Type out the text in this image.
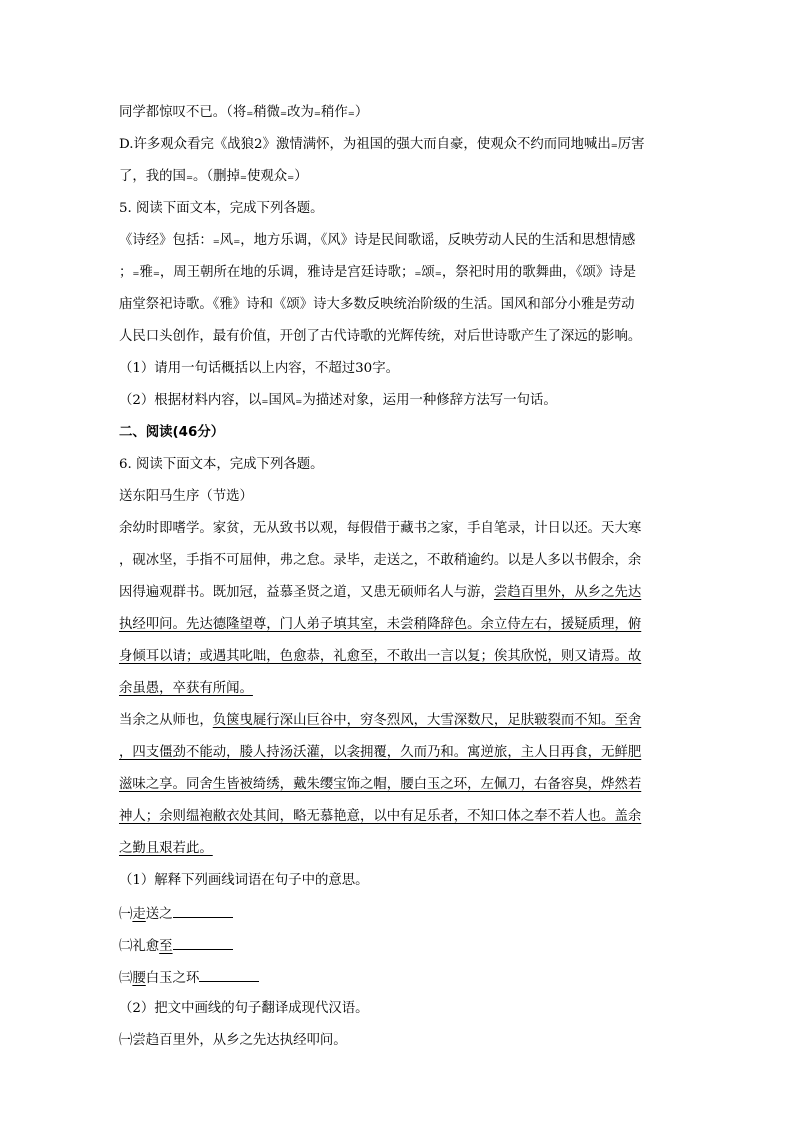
同学都惊叹不已。（将₌稍微₌改为₌稍作₌）
D.许多观众看完《战狼2》激情满怀，为祖国的强大而自豪，使观众不约而同地喊出₌厉害
了，我的国₌。（删掉₌使观众₌）
5. 阅读下面文本，完成下列各题。
《诗经》包括：₌风₌，地方乐调，《风》诗是民间歌谣，反映劳动人民的生活和思想情感
；₌雅₌，周王朝所在地的乐调，雅诗是宫廷诗歌；₌颂₌，祭祀时用的歌舞曲，《颂》诗是
庙堂祭祀诗歌。《雅》诗和《颂》诗大多数反映统治阶级的生活。国风和部分小雅是劳动
人民口头创作，最有价值，开创了古代诗歌的光辉传统，对后世诗歌产生了深远的影响。
（1）请用一句话概括以上内容，不超过30字。
（2）根据材料内容，以₌国风₌为描述对象，运用一种修辞方法写一句话。
二、阅读(46分）
6. 阅读下面文本，完成下列各题。
送东阳马生序（节选）
余幼时即嗜学。家贫，无从致书以观，每假借于藏书之家，手自笔录，计日以还。天大寒
，砚冰坚，手指不可屈伸，弗之怠。录毕，走送之，不敢稍逾约。以是人多以书假余，余
因得遍观群书。既加冠，益慕圣贤之道，又患无硕师名人与游，尝趋百里外，从乡之先达
执经叩问。先达德隆望尊，门人弟子填其室，未尝稍降辞色。余立侍左右，援疑质理，俯
身倾耳以请；或遇其叱咄，色愈恭，礼愈至，不敢出一言以复；俟其欣悦，则又请焉。故
余虽愚，卒获有所闻。
当余之从师也，负箧曳屣行深山巨谷中，穷冬烈风，大雪深数尺，足肤皲裂而不知。至舍
，四支僵劲不能动，媵人持汤沃灌，以衾拥覆，久而乃和。寓逆旅，主人日再食，无鲜肥
滋味之享。同舍生皆被绮绣，戴朱缨宝饰之帽，腰白玉之环，左佩刀，右备容臭，烨然若
神人；余则缊袍敝衣处其间，略无慕艳意，以中有足乐者，不知口体之奉不若人也。盖余
之勤且艰若此。
（1）解释下列画线词语在句子中的意思。
㈠走送之
㈡礼愈至
㈢腰白玉之环
（2）把文中画线的句子翻译成现代汉语。
㈠尝趋百里外，从乡之先达执经叩问。
